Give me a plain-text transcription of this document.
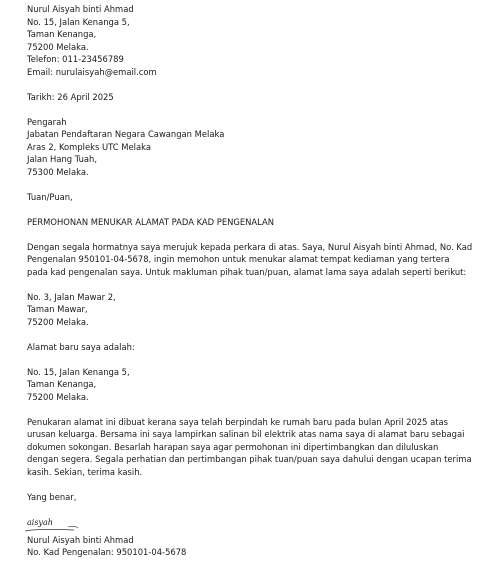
Nurul Aisyah binti Ahmad
No. 15, Jalan Kenanga 5,
Taman Kenanga,
75200 Melaka.
Telefon: 011-23456789
Email: nurulaisyah@email.com
Tarikh: 26 April 2025
Pengarah
Jabatan Pendaftaran Negara Cawangan Melaka
Aras 2, Kompleks UTC Melaka
Jalan Hang Tuah,
75300 Melaka.
Tuan/Puan,
PERMOHONAN MENUKAR ALAMAT PADA KAD PENGENALAN
Dengan segala hormatnya saya merujuk kepada perkara di atas. Saya, Nurul Aisyah binti Ahmad, No. Kad
Pengenalan 950101-04-5678, ingin memohon untuk menukar alamat tempat kediaman yang tertera
pada kad pengenalan saya. Untuk makluman pihak tuan/puan, alamat lama saya adalah seperti berikut:
No. 3, Jalan Mawar 2,
Taman Mawar,
75200 Melaka.
Alamat baru saya adalah:
No. 15, Jalan Kenanga 5,
Taman Kenanga,
75200 Melaka.
Penukaran alamat ini dibuat kerana saya telah berpindah ke rumah baru pada bulan April 2025 atas
urusan keluarga. Bersama ini saya lampirkan salinan bil elektrik atas nama saya di alamat baru sebagai
dokumen sokongan. Besarlah harapan saya agar permohonan ini dipertimbangkan dan diluluskan
dengan segera. Segala perhatian dan pertimbangan pihak tuan/puan saya dahului dengan ucapan terima
kasih. Sekian, terima kasih.
Yang benar,
aisyah
Nurul Aisyah binti Ahmad
No. Kad Pengenalan: 950101-04-5678
